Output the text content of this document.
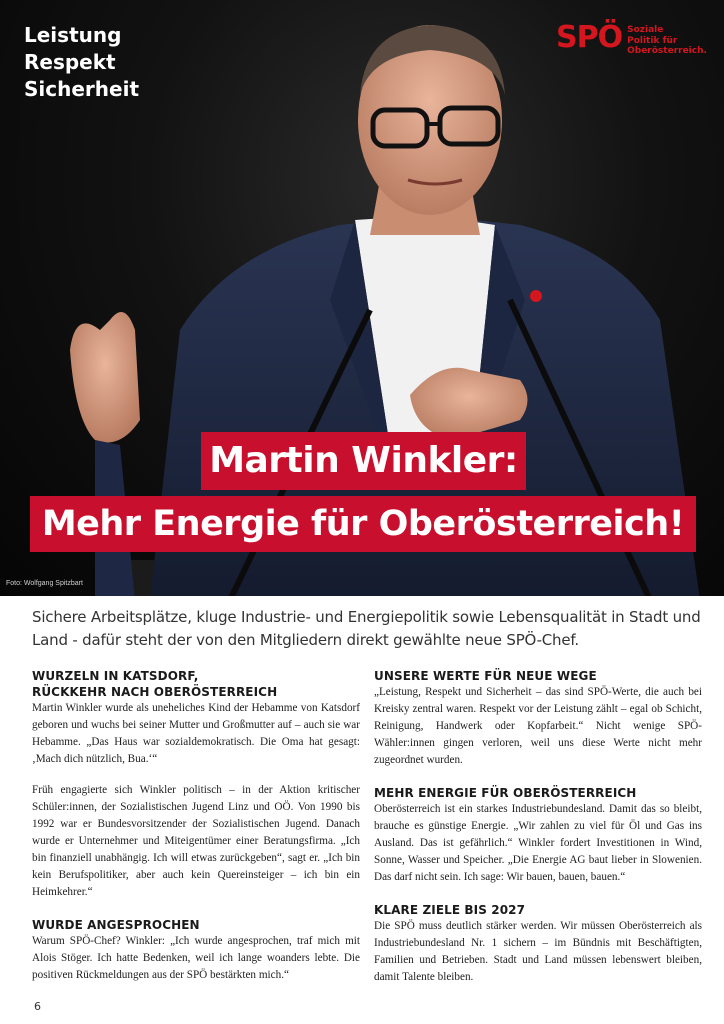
Leistung
Respekt
Sicherheit
SPÖ Soziale
Politik für
Oberösterreich.
Martin Winkler:
Mehr Energie für Oberösterreich!
Foto: Wolfgang Spitzbart
Sichere Arbeitsplätze, kluge Industrie- und Energiepolitik sowie Lebensqualität in Stadt und Land - dafür steht der von den Mitgliedern direkt gewählte neue SPÖ-Chef.
WURZELN IN KATSDORF,
RÜCKKEHR NACH OBERÖSTERREICH

Martin Winkler wurde als uneheliches Kind der Hebamme von Katsdorf geboren und wuchs bei seiner Mutter und Großmutter auf – auch sie war Hebamme. „Das Haus war sozialdemokratisch. Die Oma hat gesagt: ‚Mach dich nützlich, Bua.‘“

Früh engagierte sich Winkler politisch – in der Aktion kritischer Schüler:innen, der Sozialistischen Jugend Linz und OÖ. Von 1990 bis 1992 war er Bundesvorsitzender der Sozialistischen Jugend. Danach wurde er Unternehmer und Miteigentümer einer Beratungsfirma. „Ich bin finanziell unabhängig. Ich will etwas zurückgeben“, sagt er. „Ich bin kein Berufspolitiker, aber auch kein Quereinsteiger – ich bin ein Heimkehrer.“

WURDE ANGESPROCHEN

Warum SPÖ-Chef? Winkler: „Ich wurde angesprochen, traf mich mit Alois Stöger. Ich hatte Bedenken, weil ich lange woanders lebte. Die positiven Rückmeldungen aus der SPÖ bestärkten mich.“

UNSERE WERTE FÜR NEUE WEGE

„Leistung, Respekt und Sicherheit – das sind SPÖ-Werte, die auch bei Kreisky zentral waren. Respekt vor der Leistung zählt – egal ob Schicht, Reinigung, Handwerk oder Kopfarbeit.“ Nicht wenige SPÖ-Wähler:innen gingen verloren, weil uns diese Werte nicht mehr zugeordnet wurden.

MEHR ENERGIE FÜR OBERÖSTERREICH

Oberösterreich ist ein starkes Industriebundesland. Damit das so bleibt, brauche es günstige Energie. „Wir zahlen zu viel für Öl und Gas ins Ausland. Das ist gefährlich.“ Winkler fordert Investitionen in Wind, Sonne, Wasser und Speicher. „Die Energie AG baut lieber in Slowenien. Das darf nicht sein. Ich sage: Wir bauen, bauen, bauen.“

KLARE ZIELE BIS 2027

Die SPÖ muss deutlich stärker werden. Wir müssen Oberösterreich als Industriebundesland Nr. 1 sichern – im Bündnis mit Beschäftigten, Familien und Betrieben. Stadt und Land müssen lebenswert bleiben, damit Talente bleiben.

6
